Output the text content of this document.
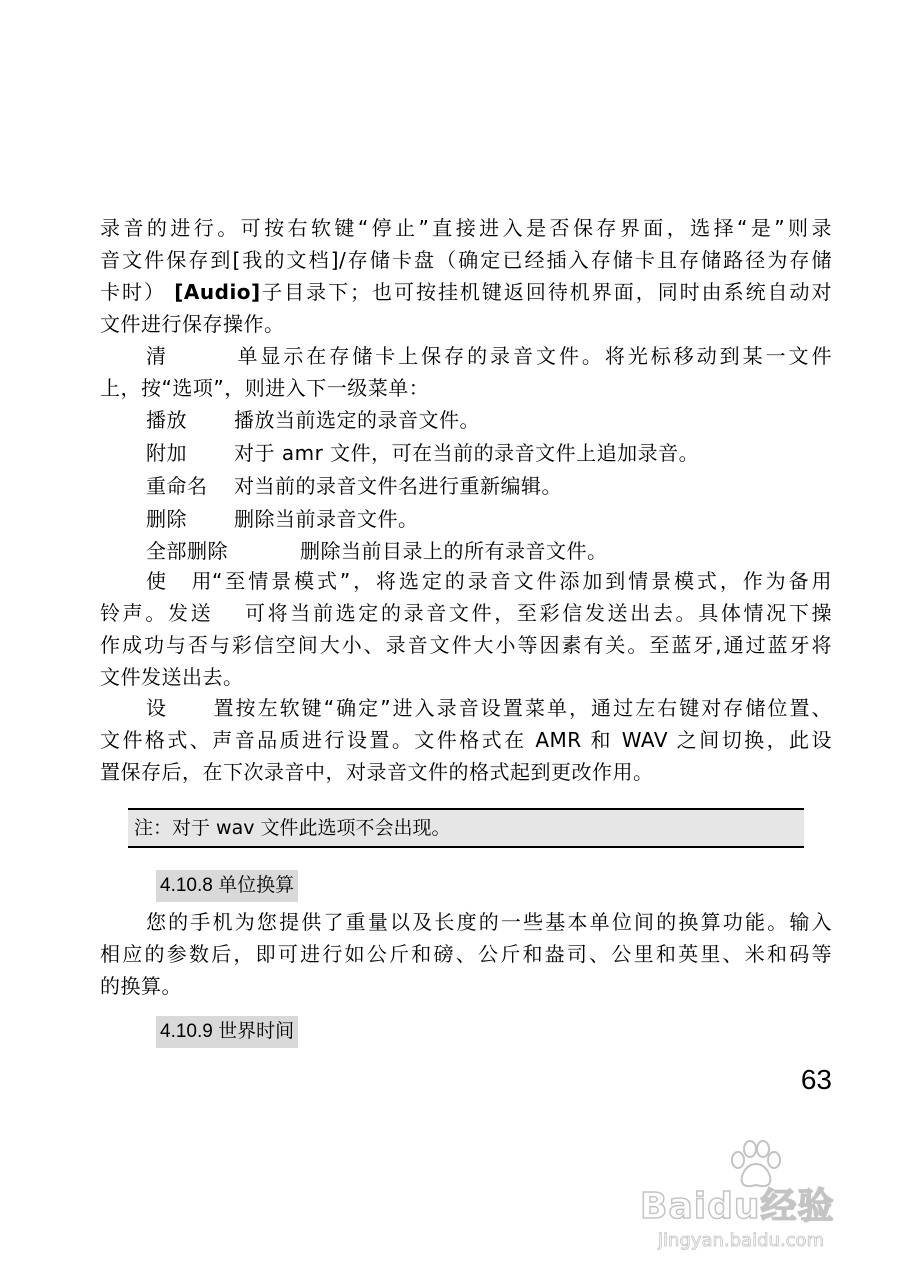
录音的进行。可按右软键“停止”直接进入是否保存界面，选择“是”则录
音文件保存到[我的文档]/存储卡盘（确定已经插入存储卡且存储路径为存储
卡时） [Audio]子目录下；也可按挂机键返回待机界面，同时由系统自动对
文件进行保存操作。
清单显示在存储卡上保存的录音文件。将光标移动到某一文件
上，按“选项”，则进入下一级菜单：
播放 播放当前选定的录音文件。
附加 对于 amr 文件，可在当前的录音文件上追加录音。
重命名 对当前的录音文件名进行重新编辑。
删除 删除当前录音文件。
全部删除	删除当前目录上的所有录音文件。
使用“至情景模式”，将选定的录音文件添加到情景模式，作为备用
铃声。发送　 可将当前选定的录音文件，至彩信发送出去。具体情况下操
作成功与否与彩信空间大小、录音文件大小等因素有关。至蓝牙,通过蓝牙将
文件发送出去。
设置按左软键“确定”进入录音设置菜单，通过左右键对存储位置、
文件格式、声音品质进行设置。文件格式在 AMR 和 WAV 之间切换，此设
置保存后，在下次录音中，对录音文件的格式起到更改作用。
注：对于 wav 文件此选项不会出现。
4.10.8 单位换算
您的手机为您提供了重量以及长度的一些基本单位间的换算功能。输入
相应的参数后，即可进行如公斤和磅、公斤和盎司、公里和英里、米和码等
的换算。
4.10.9 世界时间
63
Baidu经验
jingyan.baidu.com
